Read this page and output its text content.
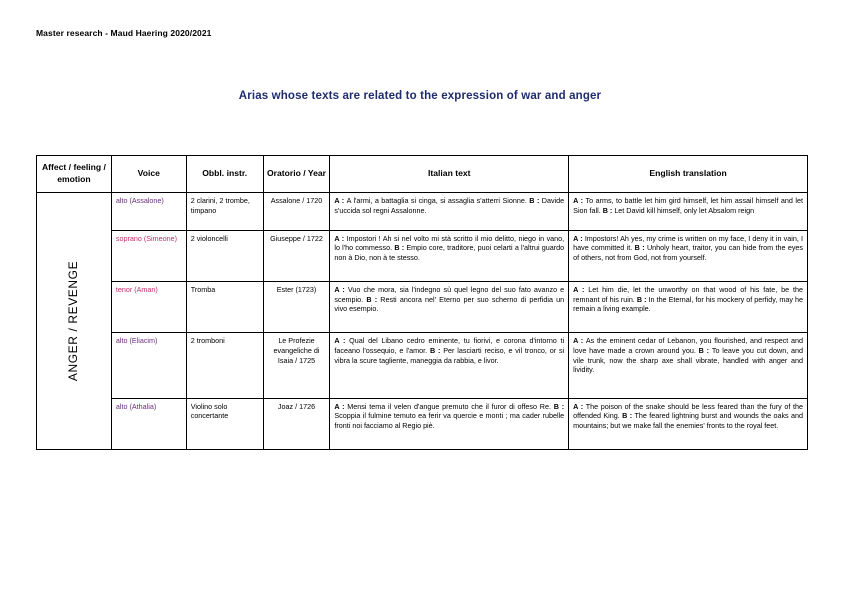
Master research - Maud Haering 2020/2021
Arias whose texts are related to the expression of war and anger
Affect / feeling / emotion	Voice	Obbl. instr.	Oratorio / Year	Italian text	English translation

ANGER / REVENGE	alto (Assalone)	2 clarini, 2 trombe, timpano	Assalone / 1720	A : A l'armi, a battaglia si cinga, si assaglia s'atterri Sionne. B : Davide s'uccida sol regni Assalonne.	A : To arms, to battle let him gird himself, let him assail himself and let Sion fall. B : Let David kill himself, only let Absalom reign
	soprano (Simeone)	2 violoncelli	Giuseppe / 1722	A : Impostori ! Ah si nel volto mi stà scritto il mio delitto, niego in vano, lo l'ho commesso. B : Empio core, traditore, puoi celarti a l'altrui guardo non à Dio, non à te stesso.	A : Impostors! Ah yes, my crime is written on my face, I deny it in vain, I have committed it. B : Unholy heart, traitor, you can hide from the eyes of others, not from God, not from yourself.
	tenor (Aman)	Tromba	Ester (1723)	A : Vuo che mora, sia l'indegno sù quel legno del suo fato avanzo e scempio. B : Resti ancora nel' Eterno per suo scherno di perfidia un vivo esempio.	A : Let him die, let the unworthy on that wood of his fate, be the remnant of his ruin. B : In the Eternal, for his mockery of perfidy, may he remain a living example.
	alto (Eliacim)	2 tromboni	Le Profezie evangeliche di Isaia / 1725	A : Qual del Libano cedro eminente, tu fiorivi, e corona d'intorno ti faceano l'ossequio, e l'amor. B : Per lasciarti reciso, e vil tronco, or si vibra la scure tagliente, maneggia da rabbia, e livor.	A : As the eminent cedar of Lebanon, you flourished, and respect and love have made a crown around you. B : To leave you cut down, and vile trunk, now the sharp axe shall vibrate, handled with anger and lividity.
	alto (Athalia)	Violino solo concertante	Joaz / 1726	A : Mensi tema il velen d'angue premuto che il furor di offeso Re. B : Scoppia il fulmine temuto ea ferir va quercie e monti ; ma cader rubelle fronti noi facciamo al Regio piè.	A : The poison of the snake should be less feared than the fury of the offended King. B : The feared lightning burst and wounds the oaks and mountains; but we make fall the enemies' fronts to the royal feet.
